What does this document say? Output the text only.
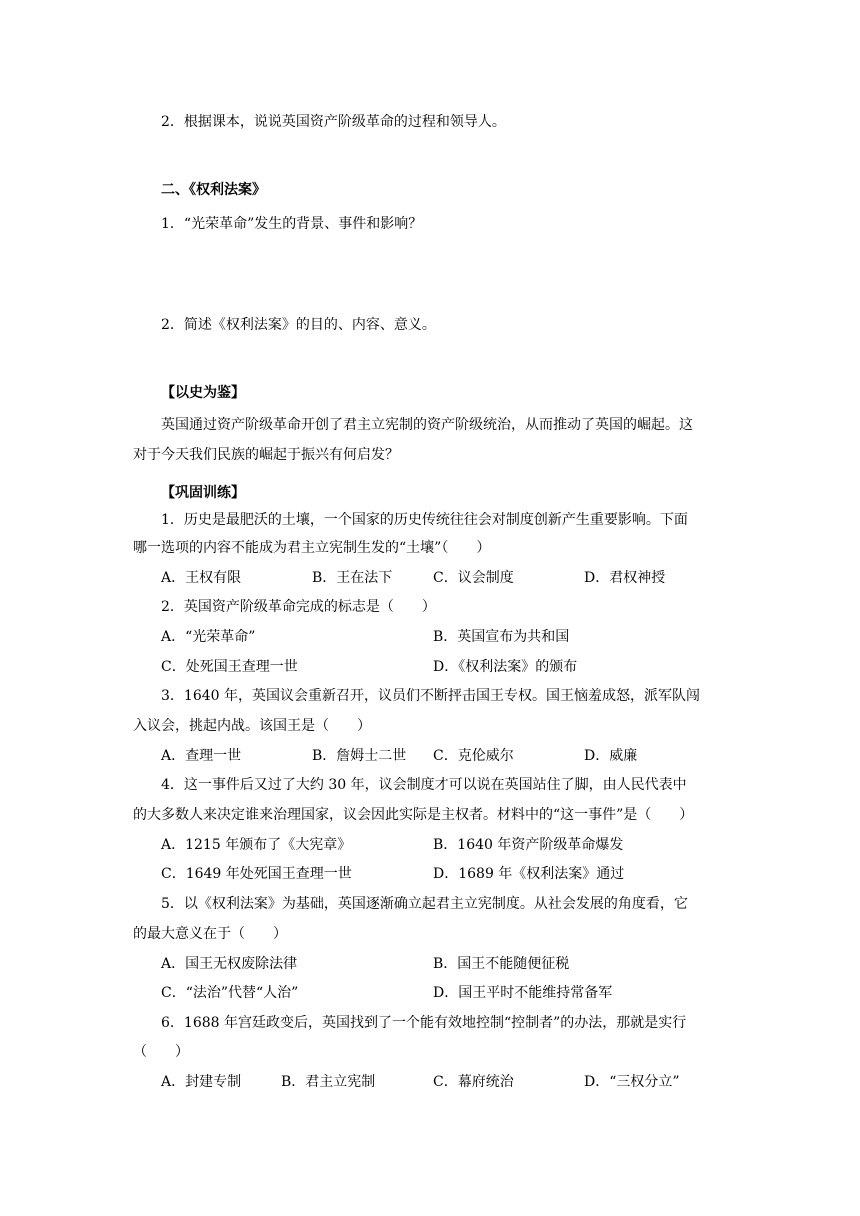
2．根据课本，说说英国资产阶级革命的过程和领导人。
二、《权利法案》
1．“光荣革命”发生的背景、事件和影响？
2．简述《权利法案》的目的、内容、意义。
【以史为鉴】
英国通过资产阶级革命开创了君主立宪制的资产阶级统治，从而推动了英国的崛起。这
对于今天我们民族的崛起于振兴有何启发？
【巩固训练】
1．历史是最肥沃的土壤，一个国家的历史传统往往会对制度创新产生重要影响。下面
哪一选项的内容不能成为君主立宪制生发的“土壤”（　　）
A．王权有限	B．王在法下	C．议会制度	D．君权神授
2．英国资产阶级革命完成的标志是（　　）
A．“光荣革命”	B．英国宣布为共和国
C．处死国王查理一世	D．《权利法案》的颁布
3．1640 年，英国议会重新召开，议员们不断抨击国王专权。国王恼羞成怒，派军队闯
入议会，挑起内战。该国王是（　　）
A．查理一世	B．詹姆士二世 C．克伦威尔	D．威廉
4．这一事件后又过了大约 30 年，议会制度才可以说在英国站住了脚，由人民代表中
的大多数人来决定谁来治理国家，议会因此实际是主权者。材料中的“这一事件”是（　　）
A．1215 年颁布了《大宪章》	B．1640 年资产阶级革命爆发
C．1649 年处死国王查理一世	D．1689 年《权利法案》通过
5．以《权利法案》为基础，英国逐渐确立起君主立宪制度。从社会发展的角度看，它
的最大意义在于（　　）
A．国王无权废除法律	B．国王不能随便征税
C．“法治”代替“人治”	D．国王平时不能维持常备军
6．1688 年宫廷政变后，英国找到了一个能有效地控制“控制者”的办法，那就是实行
（　　）
A．封建专制	B．君主立宪制	C．幕府统治	D．“三权分立”
